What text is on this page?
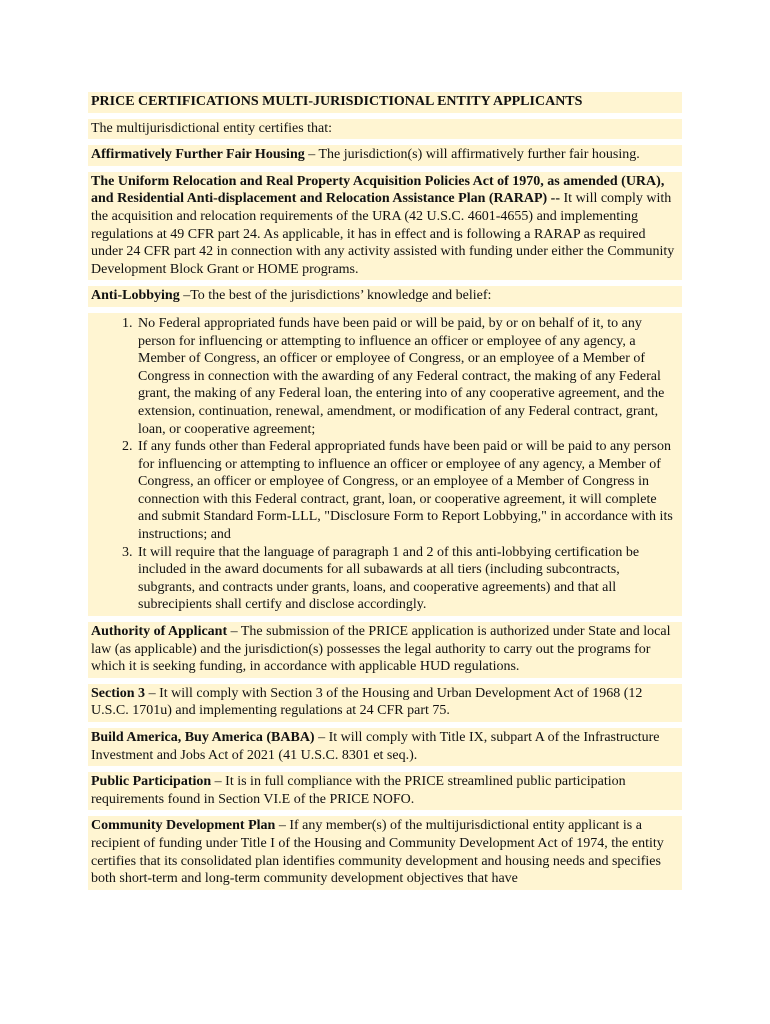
PRICE CERTIFICATIONS MULTI-JURISDICTIONAL ENTITY APPLICANTS

The multijurisdictional entity certifies that:

Affirmatively Further Fair Housing – The jurisdiction(s) will affirmatively further fair housing.

The Uniform Relocation and Real Property Acquisition Policies Act of 1970, as amended (URA), and Residential Anti-displacement and Relocation Assistance Plan (RARAP) -- It will comply with the acquisition and relocation requirements of the URA (42 U.S.C. 4601-4655) and implementing regulations at 49 CFR part 24. As applicable, it has in effect and is following a RARAP as required under 24 CFR part 42 in connection with any activity assisted with funding under either the Community Development Block Grant or HOME programs.

Anti-Lobbying –To the best of the jurisdictions’ knowledge and belief:

1. No Federal appropriated funds have been paid or will be paid, by or on behalf of it, to any person for influencing or attempting to influence an officer or employee of any agency, a Member of Congress, an officer or employee of Congress, or an employee of a Member of Congress in connection with the awarding of any Federal contract, the making of any Federal grant, the making of any Federal loan, the entering into of any cooperative agreement, and the extension, continuation, renewal, amendment, or modification of any Federal contract, grant, loan, or cooperative agreement;
2. If any funds other than Federal appropriated funds have been paid or will be paid to any person for influencing or attempting to influence an officer or employee of any agency, a Member of Congress, an officer or employee of Congress, or an employee of a Member of Congress in connection with this Federal contract, grant, loan, or cooperative agreement, it will complete and submit Standard Form-LLL, "Disclosure Form to Report Lobbying," in accordance with its instructions; and
3. It will require that the language of paragraph 1 and 2 of this anti-lobbying certification be included in the award documents for all subawards at all tiers (including subcontracts, subgrants, and contracts under grants, loans, and cooperative agreements) and that all subrecipients shall certify and disclose accordingly.

Authority of Applicant – The submission of the PRICE application is authorized under State and local law (as applicable) and the jurisdiction(s) possesses the legal authority to carry out the programs for which it is seeking funding, in accordance with applicable HUD regulations.

Section 3 – It will comply with Section 3 of the Housing and Urban Development Act of 1968 (12 U.S.C. 1701u) and implementing regulations at 24 CFR part 75.

Build America, Buy America (BABA) – It will comply with Title IX, subpart A of the Infrastructure Investment and Jobs Act of 2021 (41 U.S.C. 8301 et seq.).

Public Participation – It is in full compliance with the PRICE streamlined public participation requirements found in Section VI.E of the PRICE NOFO.

Community Development Plan – If any member(s) of the multijurisdictional entity applicant is a recipient of funding under Title I of the Housing and Community Development Act of 1974, the entity certifies that its consolidated plan identifies community development and housing needs and specifies both short-term and long-term community development objectives that have
